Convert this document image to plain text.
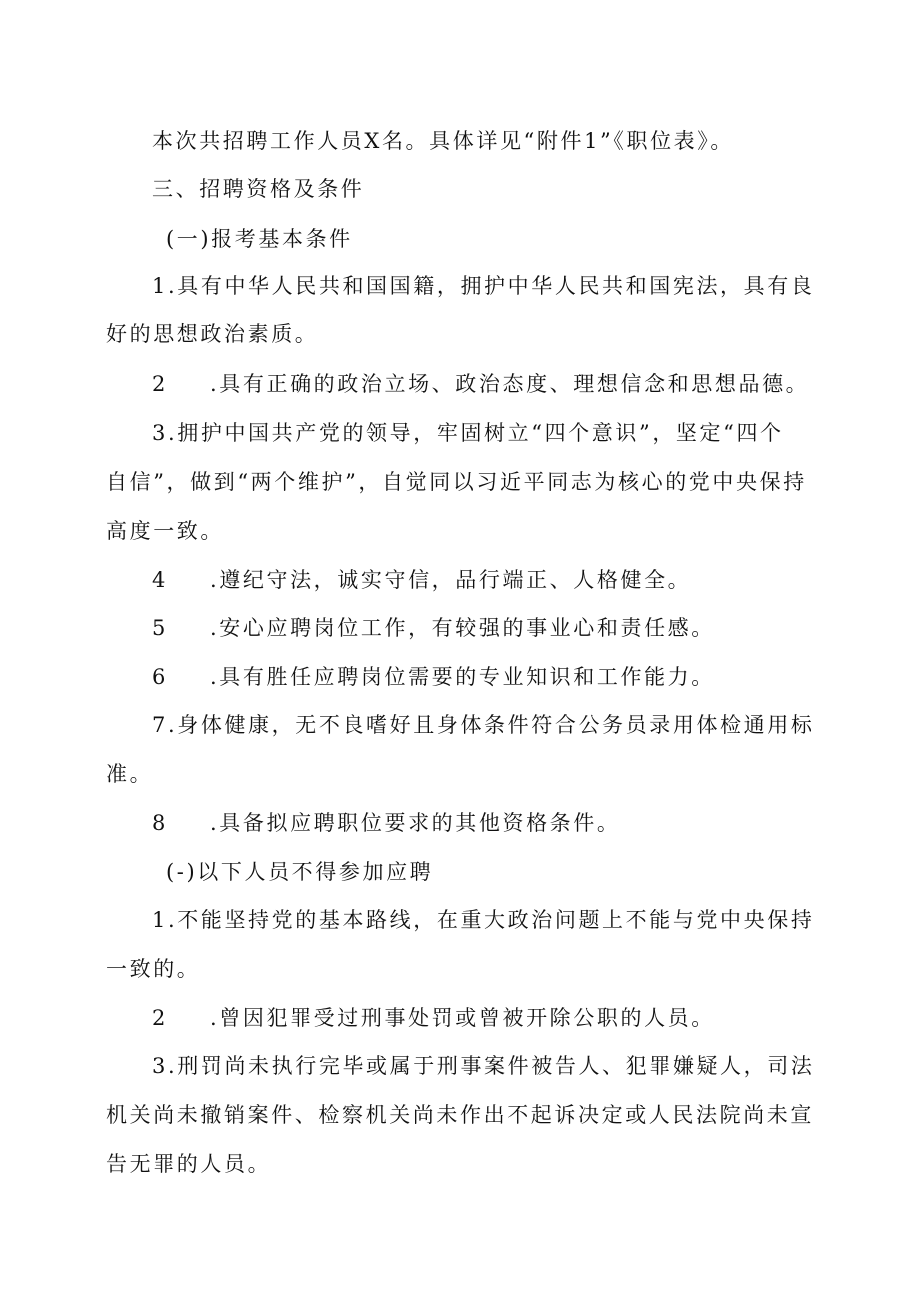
本次共招聘工作人员X名。具体详见“附件1”《职位表》。
三、招聘资格及条件
(一)报考基本条件
1.具有中华人民共和国国籍，拥护中华人民共和国宪法，具有良
好的思想政治素质。
2 .具有正确的政治立场、政治态度、理想信念和思想品德。
3.拥护中国共产党的领导，牢固树立“四个意识”，坚定“四个
自信”，做到“两个维护”，自觉同以习近平同志为核心的党中央保持
高度一致。
4 .遵纪守法，诚实守信，品行端正、人格健全。
5 .安心应聘岗位工作，有较强的事业心和责任感。
6 .具有胜任应聘岗位需要的专业知识和工作能力。
7.身体健康，无不良嗜好且身体条件符合公务员录用体检通用标
准。
8 .具备拟应聘职位要求的其他资格条件。
(-)以下人员不得参加应聘
1.不能坚持党的基本路线，在重大政治问题上不能与党中央保持
一致的。
2 .曾因犯罪受过刑事处罚或曾被开除公职的人员。
3.刑罚尚未执行完毕或属于刑事案件被告人、犯罪嫌疑人，司法
机关尚未撤销案件、检察机关尚未作出不起诉决定或人民法院尚未宣
告无罪的人员。
